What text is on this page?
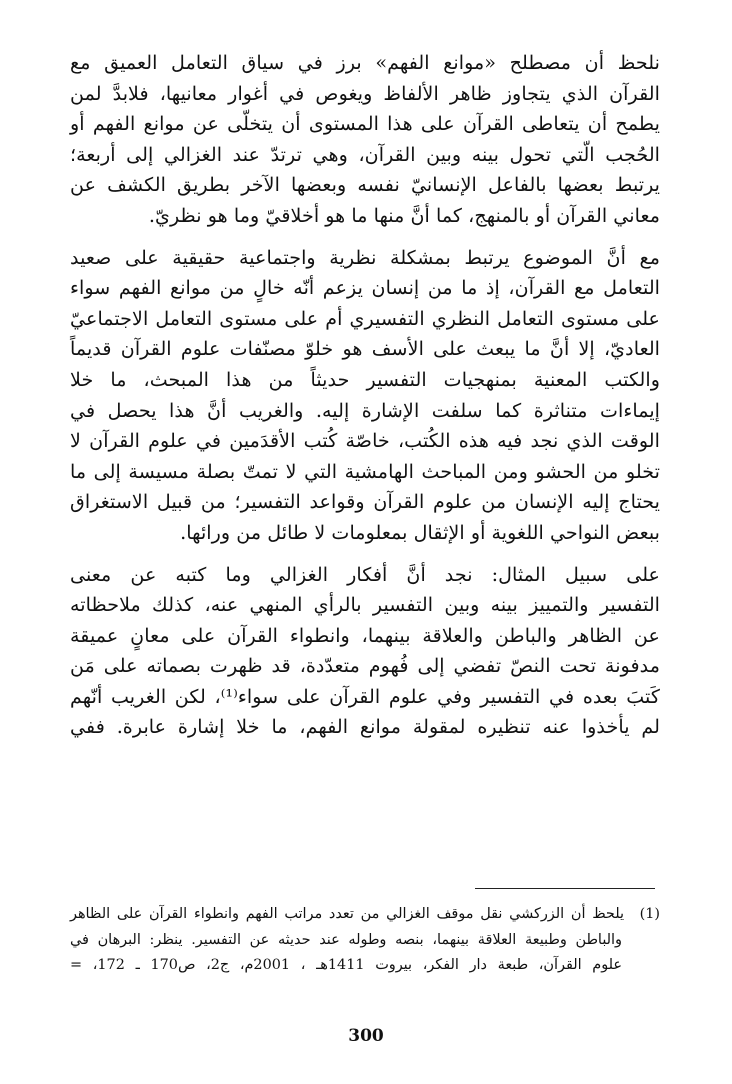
نلحظ أن مصطلح «موانع الفهم» برز في سياق التعامل العميق مع
القرآن الذي يتجاوز ظاهر الألفاظ ويغوص في أغوار معانيها، فلابدَّ لمن
يطمح أن يتعاطى القرآن على هذا المستوى أن يتخلّى عن موانع الفهم أو
الحُجب الّتي تحول بينه وبين القرآن، وهي ترتدّ عند الغزالي إلى أربعة؛
يرتبط بعضها بالفاعل الإنسانيّ نفسه وبعضها الآخر بطريق الكشف عن
معاني القرآن أو بالمنهج، كما أنَّ منها ما هو أخلاقيّ وما هو نظريّ.
مع أنَّ الموضوع يرتبط بمشكلة نظرية واجتماعية حقيقية على صعيد
التعامل مع القرآن، إذ ما من إنسان يزعم أنّه خالٍ من موانع الفهم سواء
على مستوى التعامل النظري التفسيري أم على مستوى التعامل الاجتماعيّ
العاديّ، إلا أنَّ ما يبعث على الأسف هو خلوّ مصنّفات علوم القرآن قديماً
والكتب المعنية بمنهجيات التفسير حديثاً من هذا المبحث، ما خلا
إيماءات متناثرة كما سلفت الإشارة إليه. والغريب أنَّ هذا يحصل في
الوقت الذي نجد فيه هذه الكُتب، خاصّة كُتب الأقدَمين في علوم القرآن لا
تخلو من الحشو ومن المباحث الهامشية التي لا تمتّ بصلة مسيسة إلى ما
يحتاج إليه الإنسان من علوم القرآن وقواعد التفسير؛ من قبيل الاستغراق
ببعض النواحي اللغوية أو الإثقال بمعلومات لا طائل من ورائها.
على سبيل المثال: نجد أنَّ أفكار الغزالي وما كتبه عن معنى
التفسير والتمييز بينه وبين التفسير بالرأي المنهي عنه، كذلك ملاحظاته
عن الظاهر والباطن والعلاقة بينهما، وانطواء القرآن على معانٍ عميقة
مدفونة تحت النصّ تفضي إلى فُهوم متعدّدة، قد ظهرت بصماته على مَن
كَتبَ بعده في التفسير وفي علوم القرآن على سواء⁽¹⁾، لكن الغريب أنّهم
لم يأخذوا عنه تنظيره لمقولة موانع الفهم، ما خلا إشارة عابرة. ففي
(1)يلحظ أن الزركشي نقل موقف الغزالي من تعدد مراتب الفهم وانطواء القرآن على الظاهر
والباطن وطبيعة العلاقة بينهما، بنصه وطوله عند حديثه عن التفسير. ينظر: البرهان في
علوم القرآن، طبعة دار الفكر، بيروت 1411هـ ، 2001م، ج2، ص170 ـ 172، =
300
